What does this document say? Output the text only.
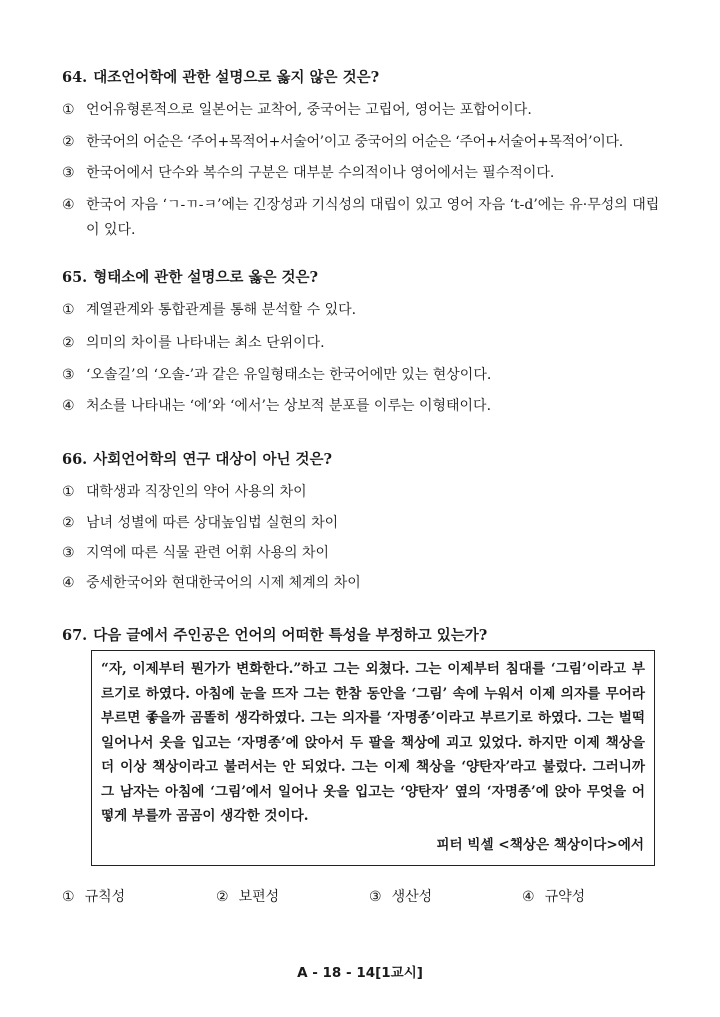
64. 대조언어학에 관한 설명으로 옳지 않은 것은?
① 언어유형론적으로 일본어는 교착어, 중국어는 고립어, 영어는 포합어이다.
② 한국어의 어순은 ‘주어+목적어+서술어’이고 중국어의 어순은 ‘주어+서술어+목적어’이다.
③ 한국어에서 단수와 복수의 구분은 대부분 수의적이나 영어에서는 필수적이다.
④ 한국어 자음 ‘ㄱ-ㄲ-ㅋ’에는 긴장성과 기식성의 대립이 있고 영어 자음 ‘t-d’에는 유·무성의 대립이 있다.
65. 형태소에 관한 설명으로 옳은 것은?
① 계열관계와 통합관계를 통해 분석할 수 있다.
② 의미의 차이를 나타내는 최소 단위이다.
③ ‘오솔길’의 ‘오솔-’과 같은 유일형태소는 한국어에만 있는 현상이다.
④ 처소를 나타내는 ‘에’와 ‘에서’는 상보적 분포를 이루는 이형태이다.
66. 사회언어학의 연구 대상이 아닌 것은?
① 대학생과 직장인의 약어 사용의 차이
② 남녀 성별에 따른 상대높임법 실현의 차이
③ 지역에 따른 식물 관련 어휘 사용의 차이
④ 중세한국어와 현대한국어의 시제 체계의 차이
67. 다음 글에서 주인공은 언어의 어떠한 특성을 부정하고 있는가?
“자, 이제부터 뭔가가 변화한다.”하고 그는 외쳤다. 그는 이제부터 침대를 ‘그림’이라고 부르기로 하였다. 아침에 눈을 뜨자 그는 한참 동안을 ‘그림’ 속에 누워서 이제 의자를 무어라 부르면 좋을까 곰똘히 생각하였다. 그는 의자를 ‘자명종’이라고 부르기로 하였다. 그는 벌떡 일어나서 옷을 입고는 ‘자명종’에 앉아서 두 팔을 책상에 괴고 있었다. 하지만 이제 책상을 더 이상 책상이라고 불러서는 안 되었다. 그는 이제 책상을 ‘양탄자’라고 불렀다. 그러니까 그 남자는 아침에 ‘그림’에서 일어나 옷을 입고는 ‘양탄자’ 옆의 ‘자명종’에 앉아 무엇을 어떻게 부를까 곰곰이 생각한 것이다.
피터 빅셀 <책상은 책상이다>에서
① 규칙성	② 보편성	③ 생산성	④ 규약성
A - 18 - 14[1교시]
